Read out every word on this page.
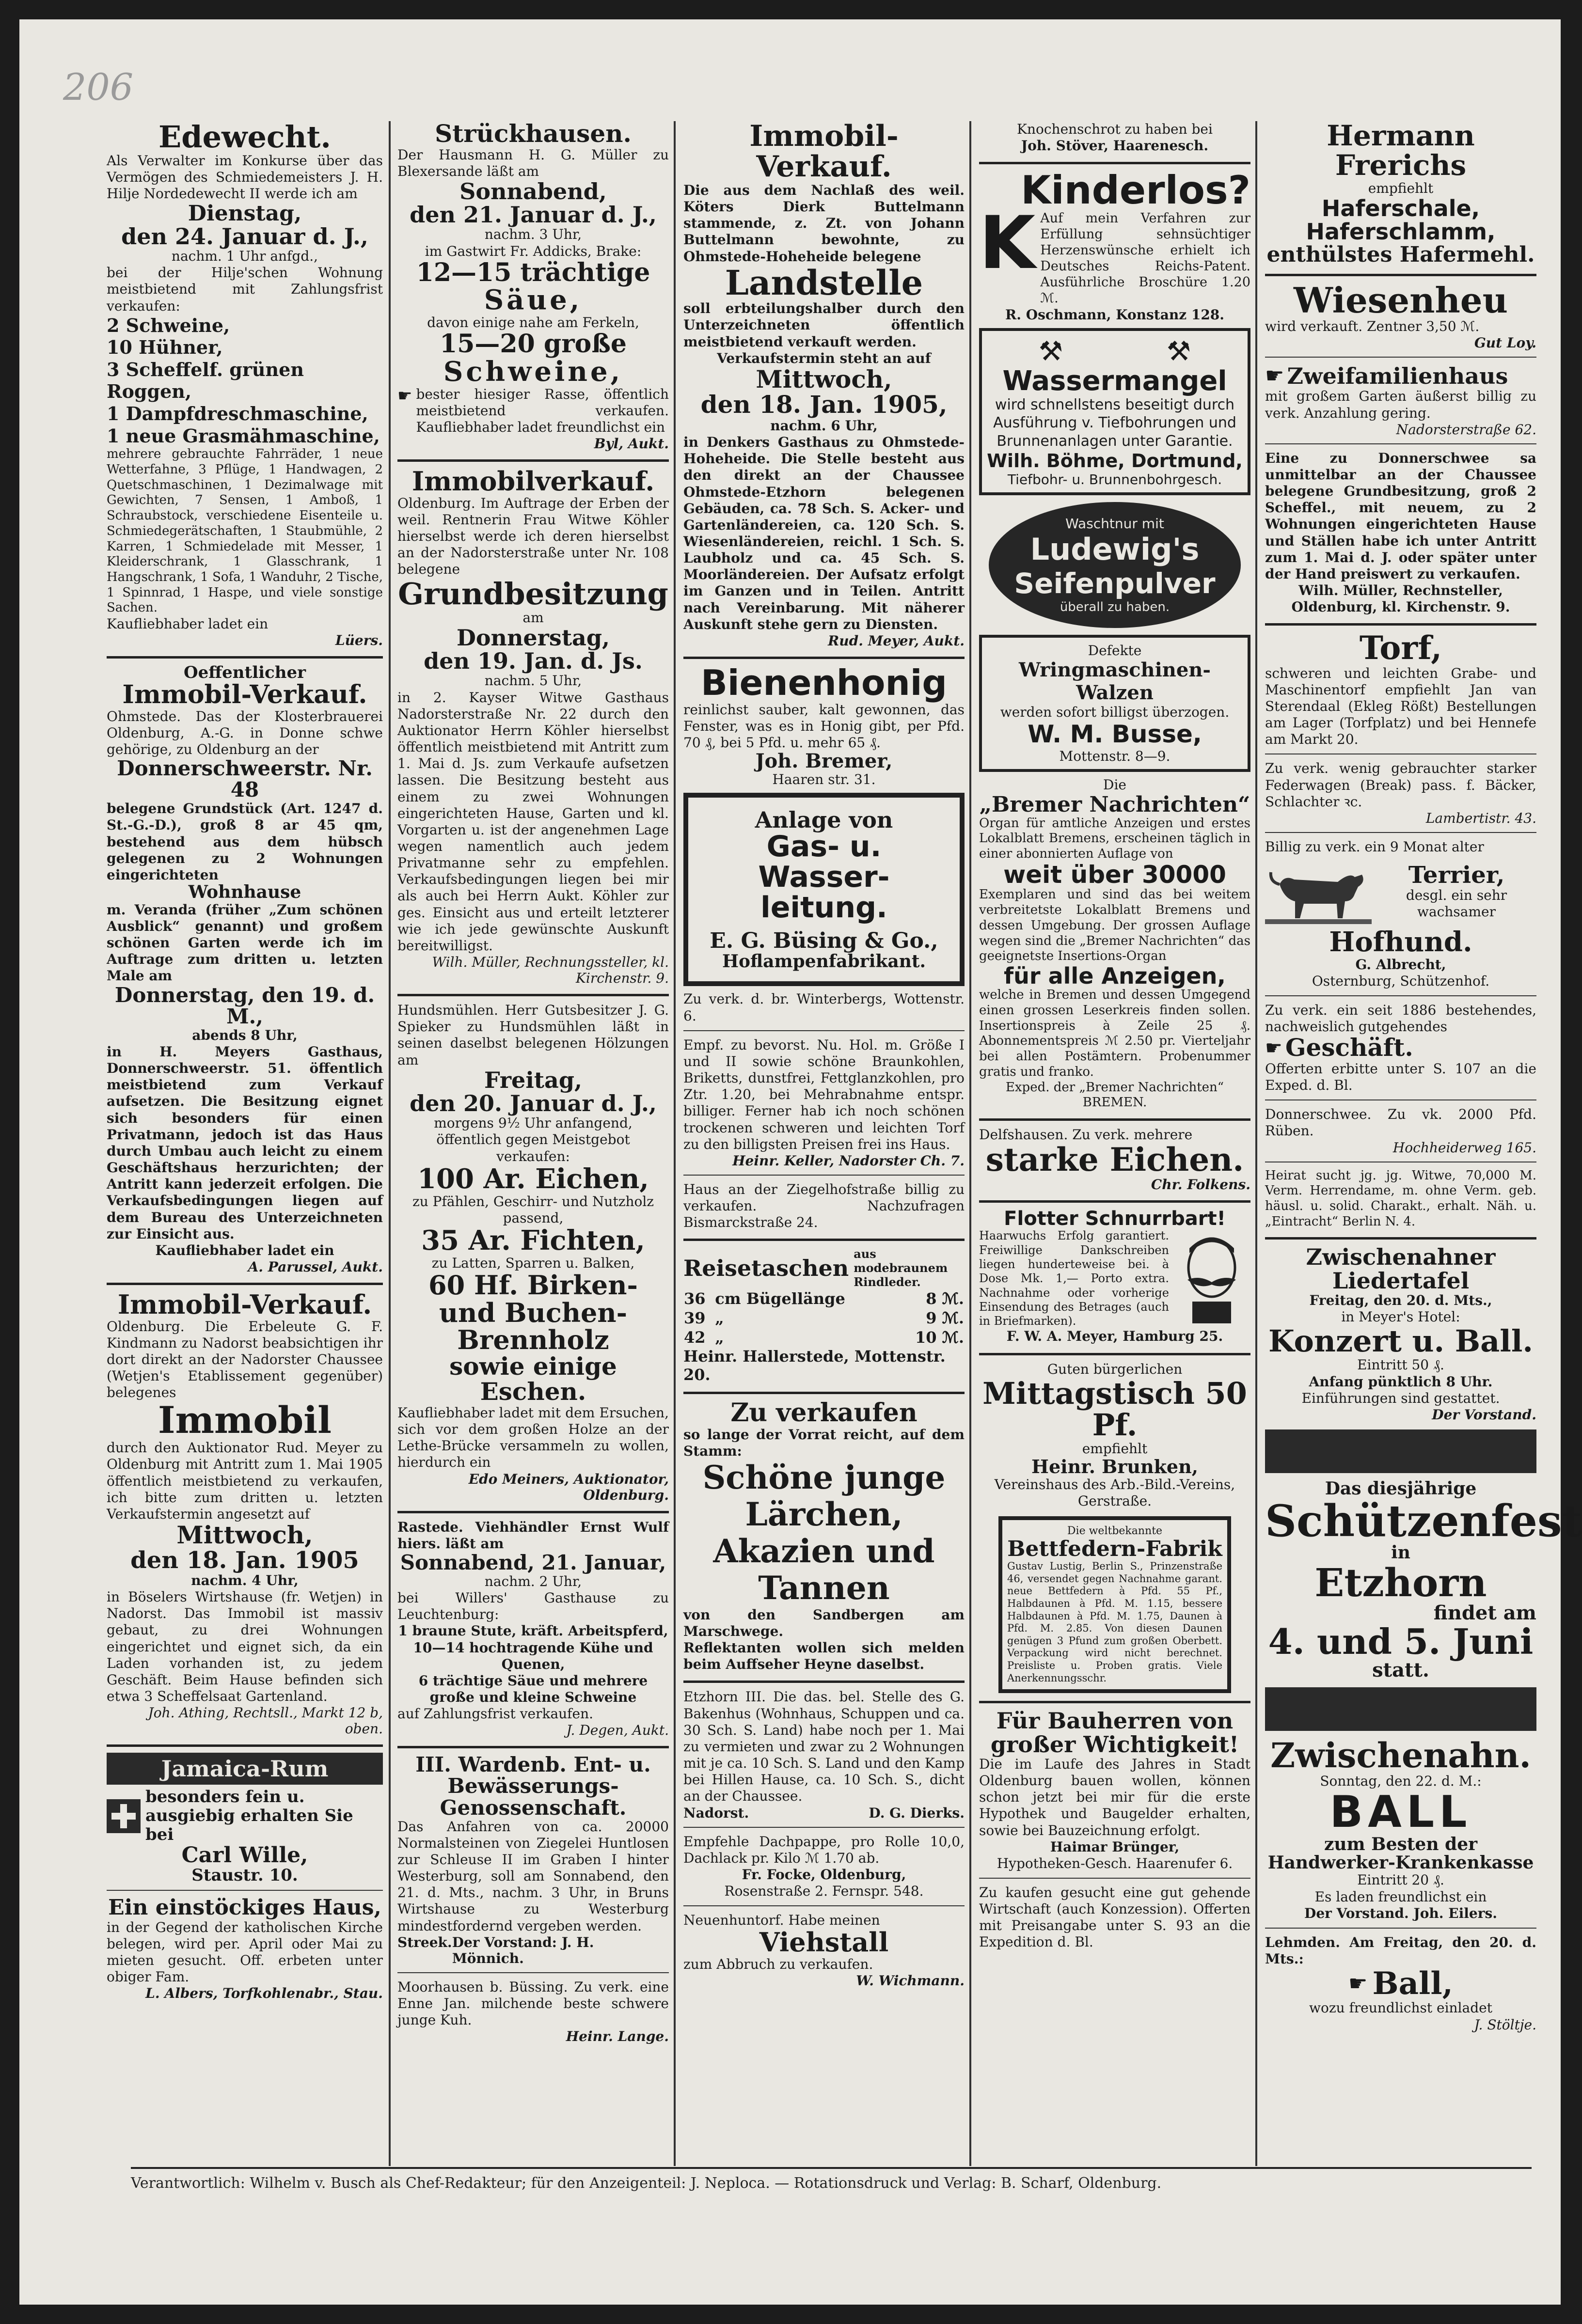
206
Edewecht.
Als Verwalter im Konkurse über das Vermögen des Schmiedemeisters J. H. Hilje Nordedewecht II werde ich am
Dienstag,
den 24. Januar d. J.,
nachm. 1 Uhr anfgd.,
bei der Hilje'schen Wohnung meistbietend mit Zahlungsfrist verkaufen:
2 Schweine,
10 Hühner,
3 Scheffelf. grünen Roggen,
1 Dampfdreschmaschine,
1 neue Grasmähmaschine,
mehrere gebrauchte Fahrräder, 1 neue Wetterfahne, 3 Pflüge, 1 Handwagen, 2 Quetschmaschinen, 1 Dezimalwage mit Gewichten, 7 Sensen, 1 Amboß, 1 Schraubstock, verschiedene Eisenteile u. Schmiedegerätschaften, 1 Staubmühle, 2 Karren, 1 Schmiedelade mit Messer, 1 Kleiderschrank, 1 Glasschrank, 1 Hangschrank, 1 Sofa, 1 Wanduhr, 2 Tische, 1 Spinnrad, 1 Haspe, und viele sonstige Sachen.
Kaufliebhaber ladet ein
Lüers.
Oeffentlicher
Immobil-Verkauf.
Ohmstede. Das der Klosterbrauerei Oldenburg, A.-G. in Donne schwe gehörige, zu Oldenburg an der
Donnerschweerstr. Nr. 48
belegene Grundstück (Art. 1247 d. St.-G.-D.), groß 8 ar 45 qm, bestehend aus dem hübsch gelegenen zu 2 Wohnungen eingerichteten
Wohnhause
m. Veranda (früher „Zum schönen Ausblick“ genannt) und großem schönen Garten werde ich im Auftrage zum dritten u. letzten Male am
Donnerstag, den 19. d. M.,
abends 8 Uhr,
in H. Meyers Gasthaus, Donnerschweerstr. 51. öffentlich meistbietend zum Verkauf aufsetzen. Die Besitzung eignet sich besonders für einen Privatmann, jedoch ist das Haus durch Umbau auch leicht zu einem Geschäftshaus herzurichten; der Antritt kann jederzeit erfolgen. Die Verkaufsbedingungen liegen auf dem Bureau des Unterzeichneten zur Einsicht aus.
Kaufliebhaber ladet ein
A. Parussel, Aukt.
Immobil-Verkauf.
Oldenburg. Die Erbeleute G. F. Kindmann zu Nadorst beabsichtigen ihr dort direkt an der Nadorster Chaussee (Wetjen's Etablissement gegenüber) belegenes
Immobil
durch den Auktionator Rud. Meyer zu Oldenburg mit Antritt zum 1. Mai 1905 öffentlich meistbietend zu verkaufen, ich bitte zum dritten u. letzten Verkaufstermin angesetzt auf
Mittwoch,
den 18. Jan. 1905
nachm. 4 Uhr,
in Böselers Wirtshause (fr. Wetjen) in Nadorst. Das Immobil ist massiv gebaut, zu drei Wohnungen eingerichtet und eignet sich, da ein Laden vorhanden ist, zu jedem Geschäft. Beim Hause befinden sich etwa 3 Scheffelsaat Gartenland.
Joh. Athing, Rechtsll., Markt 12 b, oben.
Jamaica-Rum
besonders fein u. ausgiebig erhalten Sie bei
Carl Wille,
Staustr. 10.
Ein einstöckiges Haus,
in der Gegend der katholischen Kirche belegen, wird per. April oder Mai zu mieten gesucht. Off. erbeten unter obiger Fam.
L. Albers, Torfkohlenabr., Stau.
Strückhausen.
Der Hausmann H. G. Müller zu Blexersande läßt am
Sonnabend,
den 21. Januar d. J.,
nachm. 3 Uhr,
im Gastwirt Fr. Addicks, Brake:
12—15 trächtige
Säue,
davon einige nahe am Ferkeln,
15—20 große
Schweine,
☛ bester hiesiger Rasse, öffentlich meistbietend verkaufen. Kaufliebhaber ladet freundlichst ein
Byl, Aukt.
Immobilverkauf.
Oldenburg. Im Auftrage der Erben der weil. Rentnerin Frau Witwe Köhler hierselbst werde ich deren hierselbst an der Nadorsterstraße unter Nr. 108 belegene
Grundbesitzung
am
Donnerstag,
den 19. Jan. d. Js.
nachm. 5 Uhr,
in 2. Kayser Witwe Gasthaus Nadorsterstraße Nr. 22 durch den Auktionator Herrn Köhler hierselbst öffentlich meistbietend mit Antritt zum 1. Mai d. Js. zum Verkaufe aufsetzen lassen. Die Besitzung besteht aus einem zu zwei Wohnungen eingerichteten Hause, Garten und kl. Vorgarten u. ist der angenehmen Lage wegen namentlich auch jedem Privatmanne sehr zu empfehlen. Verkaufsbedingungen liegen bei mir als auch bei Herrn Aukt. Köhler zur ges. Einsicht aus und erteilt letzterer wie ich jede gewünschte Auskunft bereitwilligst.
Wilh. Müller, Rechnungssteller, kl. Kirchenstr. 9.
Hundsmühlen. Herr Gutsbesitzer J. G. Spieker zu Hundsmühlen läßt in seinen daselbst belegenen Hölzungen am
Freitag,
den 20. Januar d. J.,
morgens 9½ Uhr anfangend,
öffentlich gegen Meistgebot verkaufen:
100 Ar. Eichen,
zu Pfählen, Geschirr- und Nutzholz passend,
35 Ar. Fichten,
zu Latten, Sparren u. Balken,
60 Hf. Birken- und Buchen-Brennholz
sowie einige Eschen.
Kaufliebhaber ladet mit dem Ersuchen, sich vor dem großen Holze an der Lethe-Brücke versammeln zu wollen, hierdurch ein
Edo Meiners, Auktionator, Oldenburg.
Rastede. Viehhändler Ernst Wulf hiers. läßt am
Sonnabend, 21. Januar,
nachm. 2 Uhr,
bei Willers' Gasthause zu Leuchtenburg:
1 braune Stute, kräft. Arbeitspferd,
10—14 hochtragende Kühe und Quenen,
6 trächtige Säue und mehrere große und kleine Schweine
auf Zahlungsfrist verkaufen.
J. Degen, Aukt.
III. Wardenb. Ent- u. Bewässerungs-Genossenschaft.
Das Anfahren von ca. 20000 Normalsteinen von Ziegelei Huntlosen zur Schleuse II im Graben I hinter Westerburg, soll am Sonnabend, den 21. d. Mts., nachm. 3 Uhr, in Bruns Wirtshause zu Westerburg mindestfordernd vergeben werden.
Streek. Der Vorstand: J. H. Mönnich.
Moorhausen b. Büssing. Zu verk. eine Enne Jan. milchende beste schwere junge Kuh.
Heinr. Lange.
Immobil-Verkauf.
Die aus dem Nachlaß des weil. Köters Dierk Buttelmann stammende, z. Zt. von Johann Buttelmann bewohnte, zu Ohmstede-Hoheheide belegene
Landstelle
soll erbteilungshalber durch den Unterzeichneten öffentlich meistbietend verkauft werden.
Verkaufstermin steht an auf
Mittwoch,
den 18. Jan. 1905,
nachm. 6 Uhr,
in Denkers Gasthaus zu Ohmstede-Hoheheide. Die Stelle besteht aus den direkt an der Chaussee Ohmstede-Etzhorn belegenen Gebäuden, ca. 78 Sch. S. Acker- und Gartenländereien, ca. 120 Sch. S. Wiesenländereien, reichl. 1 Sch. S. Laubholz und ca. 45 Sch. S. Moorländereien. Der Aufsatz erfolgt im Ganzen und in Teilen. Antritt nach Vereinbarung. Mit näherer Auskunft stehe gern zu Diensten.
Rud. Meyer, Aukt.
Bienenhonig
reinlichst sauber, kalt gewonnen, das Fenster, was es in Honig gibt, per Pfd. 70 ₰, bei 5 Pfd. u. mehr 65 ₰.
Joh. Bremer,
Haaren str. 31.
Anlage von
Gas- u. Wasser-
leitung.
E. G. Büsing & Go.,
Hoflampenfabrikant.
Zu verk. d. br. Winterbergs, Wottenstr. 6.
Empf. zu bevorst. Nu. Hol. m. Größe I und II sowie schöne Braunkohlen, Briketts, dunstfrei, Fettglanzkohlen, pro Ztr. 1.20, bei Mehrabnahme entspr. billiger. Ferner hab ich noch schönen trockenen schweren und leichten Torf zu den billigsten Preisen frei ins Haus.
Heinr. Keller, Nadorster Ch. 7.
Haus an der Ziegelhofstraße billig zu verkaufen. Nachzufragen Bismarckstraße 24.
Reisetaschen
aus modebraunem Rindleder.
36	cm Bügellänge	8 ℳ.
39	„	9 ℳ.
42	„	10 ℳ.
Heinr. Hallerstede, Mottenstr. 20.
Zu verkaufen
so lange der Vorrat reicht, auf dem Stamm:
Schöne junge Lärchen, Akazien und Tannen
von den Sandbergen am Marschwege.
Reflektanten wollen sich melden beim Auffseher Heyne daselbst.
Etzhorn III. Die das. bel. Stelle des G. Bakenhus (Wohnhaus, Schuppen und ca. 30 Sch. S. Land) habe noch per 1. Mai zu vermieten und zwar zu 2 Wohnungen mit je ca. 10 Sch. S. Land und den Kamp bei Hillen Hause, ca. 10 Sch. S., dicht an der Chaussee.
Nadorst.	D. G. Dierks.
Empfehle Dachpappe, pro Rolle 10,0, Dachlack pr. Kilo ℳ 1.70 ab.
Fr. Focke, Oldenburg,
Rosenstraße 2. Fernspr. 548.
Neuenhuntorf. Habe meinen
Viehstall
zum Abbruch zu verkaufen.
W. Wichmann.
Knochenschrot zu haben bei
Joh. Stöver, Haarenesch.
Kinderlos?
K Auf mein Verfahren zur Erfüllung sehnsüchtiger Herzenswünsche erhielt ich Deutsches Reichs-Patent. Ausführliche Broschüre 1.20 ℳ.
R. Oschmann, Konstanz 128.
⚒	⚒
Wassermangel
wird schnellstens beseitigt durch Ausführung v. Tiefbohrungen und Brunnenanlagen unter Garantie.
Wilh. Böhme, Dortmund,
Tiefbohr- u. Brunnenbohrgesch.
Waschtnur mit
Ludewig's
Seifenpulver
überall zu haben.
Defekte
Wringmaschinen-Walzen
werden sofort billigst überzogen.
W. M. Busse,
Mottenstr. 8—9.
Die
„Bremer Nachrichten“
Organ für amtliche Anzeigen und erstes Lokalblatt Bremens, erscheinen täglich in einer abonnierten Auflage von
weit über 30000
Exemplaren und sind das bei weitem verbreitetste Lokalblatt Bremens und dessen Umgebung. Der grossen Auflage wegen sind die „Bremer Nachrichten“ das geeignetste Insertions-Organ
für alle Anzeigen,
welche in Bremen und dessen Umgegend einen grossen Leserkreis finden sollen. Insertionspreis à Zeile 25 ₰. Abonnementspreis ℳ 2.50 pr. Vierteljahr bei allen Postämtern. Probenummer gratis und franko.
Exped. der „Bremer Nachrichten“ BREMEN.
Delfshausen. Zu verk. mehrere
starke Eichen.
Chr. Folkens.
Flotter Schnurrbart!
Haarwuchs Erfolg garantiert. Freiwillige Dankschreiben liegen hunderteweise bei. à Dose Mk. 1,— Porto extra. Nachnahme oder vorherige Einsendung des Betrages (auch in Briefmarken).
F. W. A. Meyer, Hamburg 25.
Guten bürgerlichen
Mittagstisch 50 Pf.
empfiehlt
Heinr. Brunken,
Vereinshaus des Arb.-Bild.-Vereins, Gerstraße.
Die weltbekannte
Bettfedern-Fabrik
Gustav Lustig, Berlin S., Prinzenstraße 46, versendet gegen Nachnahme garant. neue Bettfedern à Pfd. 55 Pf., Halbdaunen à Pfd. M. 1.15, bessere Halbdaunen à Pfd. M. 1.75, Daunen à Pfd. M. 2.85. Von diesen Daunen genügen 3 Pfund zum großen Oberbett. Verpackung wird nicht berechnet. Preisliste u. Proben gratis. Viele Anerkennungsschr.
Für Bauherren von großer Wichtigkeit!
Die im Laufe des Jahres in Stadt Oldenburg bauen wollen, können schon jetzt bei mir für die erste Hypothek und Baugelder erhalten, sowie bei Bauzeichnung erfolgt.
Haimar Brünger,
Hypotheken-Gesch. Haarenufer 6.
Zu kaufen gesucht eine gut gehende Wirtschaft (auch Konzession). Offerten mit Preisangabe unter S. 93 an die Expedition d. Bl.
Hermann Frerichs
empfiehlt
Haferschale,
Haferschlamm,
enthülstes Hafermehl.
Wiesenheu
wird verkauft. Zentner 3,50 ℳ.
Gut Loy.
☛ Zweifamilienhaus
mit großem Garten äußerst billig zu verk. Anzahlung gering.
Nadorsterstraße 62.
Eine zu Donnerschwee sa unmittelbar an der Chaussee belegene Grundbesitzung, groß 2 Scheffel., mit neuem, zu 2 Wohnungen eingerichteten Hause und Ställen habe ich unter Antritt zum 1. Mai d. J. oder später unter der Hand preiswert zu verkaufen.
Wilh. Müller, Rechnsteller, Oldenburg, kl. Kirchenstr. 9.
Torf,
schweren und leichten Grabe- und Maschinentorf empfiehlt Jan van Sterendaal (Ekleg Rößt) Bestellungen am Lager (Torfplatz) und bei Hennefe am Markt 20.
Zu verk. wenig gebrauchter starker Federwagen (Break) pass. f. Bäcker, Schlachter ꝛc.
Lambertistr. 43.
Billig zu verk. ein 9 Monat alter
Terrier,
desgl. ein sehr wachsamer
Hofhund.
G. Albrecht,
Osternburg, Schützenhof.
Zu verk. ein seit 1886 bestehendes, nachweislich gutgehendes
☛ Geschäft.
Offerten erbitte unter S. 107 an die Exped. d. Bl.
Donnerschwee. Zu vk. 2000 Pfd. Rüben.
Hochheiderweg 165.
Heirat sucht jg. jg. Witwe, 70,000 M. Verm. Herrendame, m. ohne Verm. geb. häusl. u. solid. Charakt., erhalt. Näh. u. „Eintracht“ Berlin N. 4.
Zwischenahner Liedertafel
Freitag, den 20. d. Mts.,
in Meyer's Hotel:
Konzert u. Ball.
Eintritt 50 ₰.
Anfang pünktlich 8 Uhr.
Einführungen sind gestattet.
Der Vorstand.
Das diesjährige
Schützenfest
in
Etzhorn
findet am
4. und 5. Juni
statt.
Zwischenahn.
Sonntag, den 22. d. M.:
BALL
zum Besten der Handwerker-Krankenkasse
Eintritt 20 ₰.
Es laden freundlichst ein
Der Vorstand. Joh. Eilers.
Lehmden. Am Freitag, den 20. d. Mts.:
☛ Ball,
wozu freundlichst einladet
J. Stöltje.
Verantwortlich: Wilhelm v. Busch als Chef-Redakteur; für den Anzeigenteil: J. Neploca. — Rotationsdruck und Verlag: B. Scharf, Oldenburg.
